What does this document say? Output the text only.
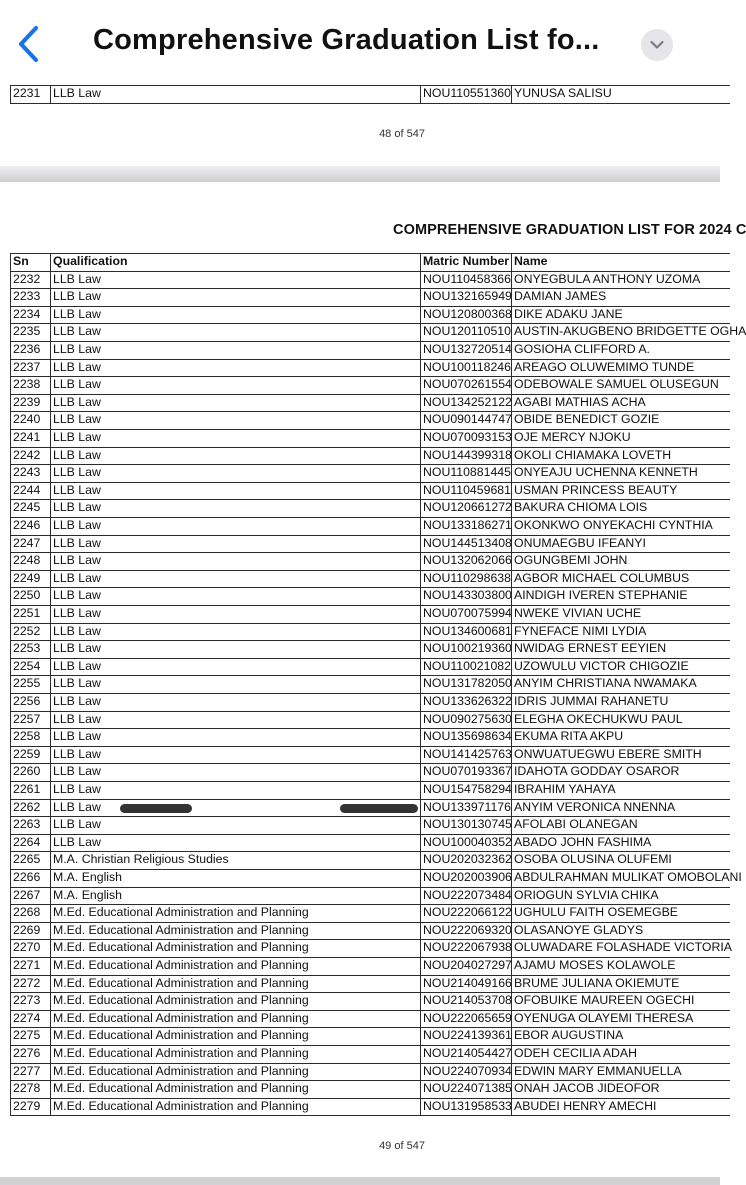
Comprehensive Graduation List fo...
2231	LLB Law	NOU110551360 YUNUSA SALISU
48 of 547
COMPREHENSIVE GRADUATION LIST FOR 2024 C
Sn	Qualification	Matric Number Name
2232	LLB Law	NOU110458366 ONYEGBULA ANTHONY UZOMA
2233	LLB Law	NOU132165949 DAMIAN JAMES
2234	LLB Law	NOU120800368 DIKE ADAKU JANE
2235	LLB Law	NOU120110510 AUSTIN-AKUGBENO BRIDGETTE OGHA
2236	LLB Law	NOU132720514 GOSIOHA CLIFFORD A.
2237	LLB Law	NOU100118246 AREAGO OLUWEMIMO TUNDE
2238	LLB Law	NOU070261554 ODEBOWALE SAMUEL OLUSEGUN
2239	LLB Law	NOU134252122 AGABI MATHIAS ACHA
2240	LLB Law	NOU090144747 OBIDE BENEDICT GOZIE
2241	LLB Law	NOU070093153 OJE MERCY NJOKU
2242	LLB Law	NOU144399318 OKOLI CHIAMAKA LOVETH
2243	LLB Law	NOU110881445 ONYEAJU UCHENNA KENNETH
2244	LLB Law	NOU110459681 USMAN PRINCESS BEAUTY
2245	LLB Law	NOU120661272 BAKURA CHIOMA LOIS
2246	LLB Law	NOU133186271 OKONKWO ONYEKACHI CYNTHIA
2247	LLB Law	NOU144513408 ONUMAEGBU IFEANYI
2248	LLB Law	NOU132062066 OGUNGBEMI JOHN
2249	LLB Law	NOU110298638 AGBOR MICHAEL COLUMBUS
2250	LLB Law	NOU143303800 AINDIGH IVEREN STEPHANIE
2251	LLB Law	NOU070075994 NWEKE VIVIAN UCHE
2252	LLB Law	NOU134600681 FYNEFACE NIMI LYDIA
2253	LLB Law	NOU100219360 NWIDAG ERNEST EEYIEN
2254	LLB Law	NOU110021082 UZOWULU VICTOR CHIGOZIE
2255	LLB Law	NOU131782050 ANYIM CHRISTIANA NWAMAKA
2256	LLB Law	NOU133626322 IDRIS JUMMAI RAHANETU
2257	LLB Law	NOU090275630 ELEGHA OKECHUKWU PAUL
2258	LLB Law	NOU135698634 EKUMA RITA AKPU
2259	LLB Law	NOU141425763 ONWUATUEGWU EBERE SMITH
2260	LLB Law	NOU070193367 IDAHOTA GODDAY OSAROR
2261	LLB Law	NOU154758294 IBRAHIM YAHAYA
2262	LLB Law	NOU133971176 ANYIM VERONICA NNENNA
2263	LLB Law	NOU130130745 AFOLABI OLANEGAN
2264	LLB Law	NOU100040352 ABADO JOHN FASHIMA
2265	M.A. Christian Religious Studies	NOU202032362 OSOBA OLUSINA OLUFEMI
2266	M.A. English	NOU202003906 ABDULRAHMAN MULIKAT OMOBOLANI
2267	M.A. English	NOU222073484 ORIOGUN SYLVIA CHIKA
2268	M.Ed. Educational Administration and Planning	NOU222066122 UGHULU FAITH OSEMEGBE
2269	M.Ed. Educational Administration and Planning	NOU222069320 OLASANOYE GLADYS
2270	M.Ed. Educational Administration and Planning	NOU222067938 OLUWADARE FOLASHADE VICTORIA
2271	M.Ed. Educational Administration and Planning	NOU204027297 AJAMU MOSES KOLAWOLE
2272	M.Ed. Educational Administration and Planning	NOU214049166 BRUME JULIANA OKIEMUTE
2273	M.Ed. Educational Administration and Planning	NOU214053708 OFOBUIKE MAUREEN OGECHI
2274	M.Ed. Educational Administration and Planning	NOU222065659 OYENUGA OLAYEMI THERESA
2275	M.Ed. Educational Administration and Planning	NOU224139361 EBOR AUGUSTINA
2276	M.Ed. Educational Administration and Planning	NOU214054427 ODEH CECILIA ADAH
2277	M.Ed. Educational Administration and Planning	NOU224070934 EDWIN MARY EMMANUELLA
2278	M.Ed. Educational Administration and Planning	NOU224071385 ONAH JACOB JIDEOFOR
2279	M.Ed. Educational Administration and Planning	NOU131958533 ABUDEI HENRY AMECHI
49 of 547
